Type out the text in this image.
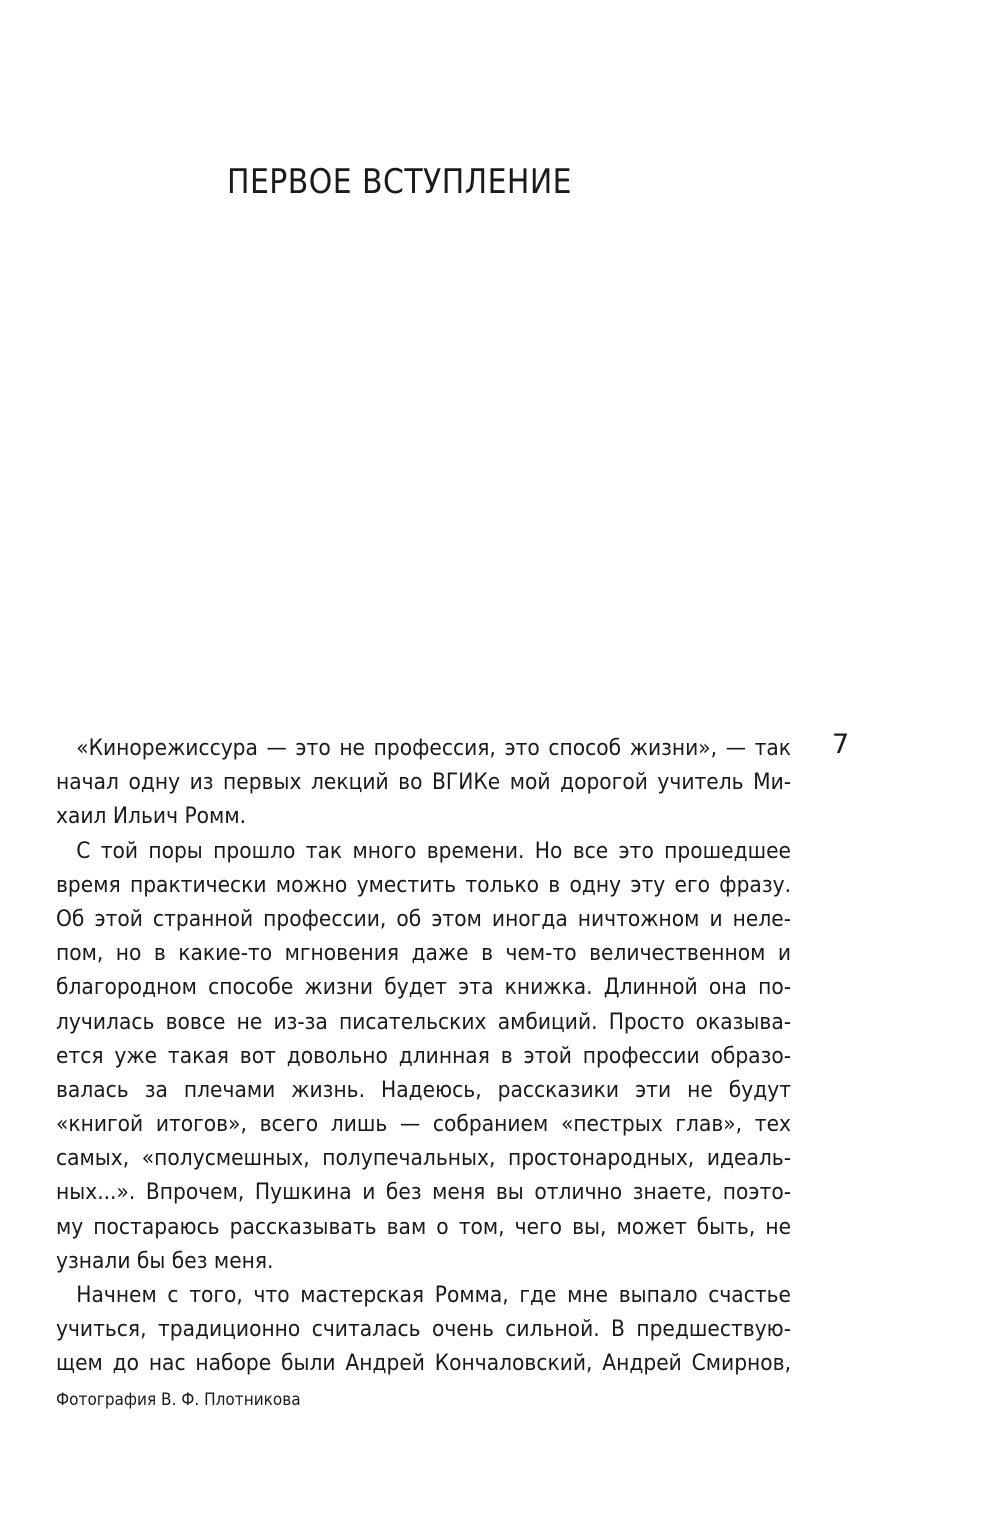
ПЕРВОЕ ВСТУПЛЕНИЕ
7
«Кинорежиссура — это не профессия, это способ жизни», — так
начал одну из первых лекций во ВГИКе мой дорогой учитель Ми-
хаил Ильич Ромм.
С той поры прошло так много времени. Но все это прошедшее
время практически можно уместить только в одну эту его фразу.
Об этой странной профессии, об этом иногда ничтожном и неле-
пом, но в какие-то мгновения даже в чем-то величественном и
благородном способе жизни будет эта книжка. Длинной она по-
лучилась вовсе не из-за писательских амбиций. Просто оказыва-
ется уже такая вот довольно длинная в этой профессии образо-
валась за плечами жизнь. Надеюсь, рассказики эти не будут
«книгой итогов», всего лишь — собранием «пестрых глав», тех
самых, «полусмешных, полупечальных, простонародных, идеаль-
ных...». Впрочем, Пушкина и без меня вы отлично знаете, поэто-
му постараюсь рассказывать вам о том, чего вы, может быть, не
узнали бы без меня.
Начнем с того, что мастерская Ромма, где мне выпало счастье
учиться, традиционно считалась очень сильной. В предшествую-
щем до нас наборе были Андрей Кончаловский, Андрей Смирнов,
Фотография В. Ф. Плотникова
